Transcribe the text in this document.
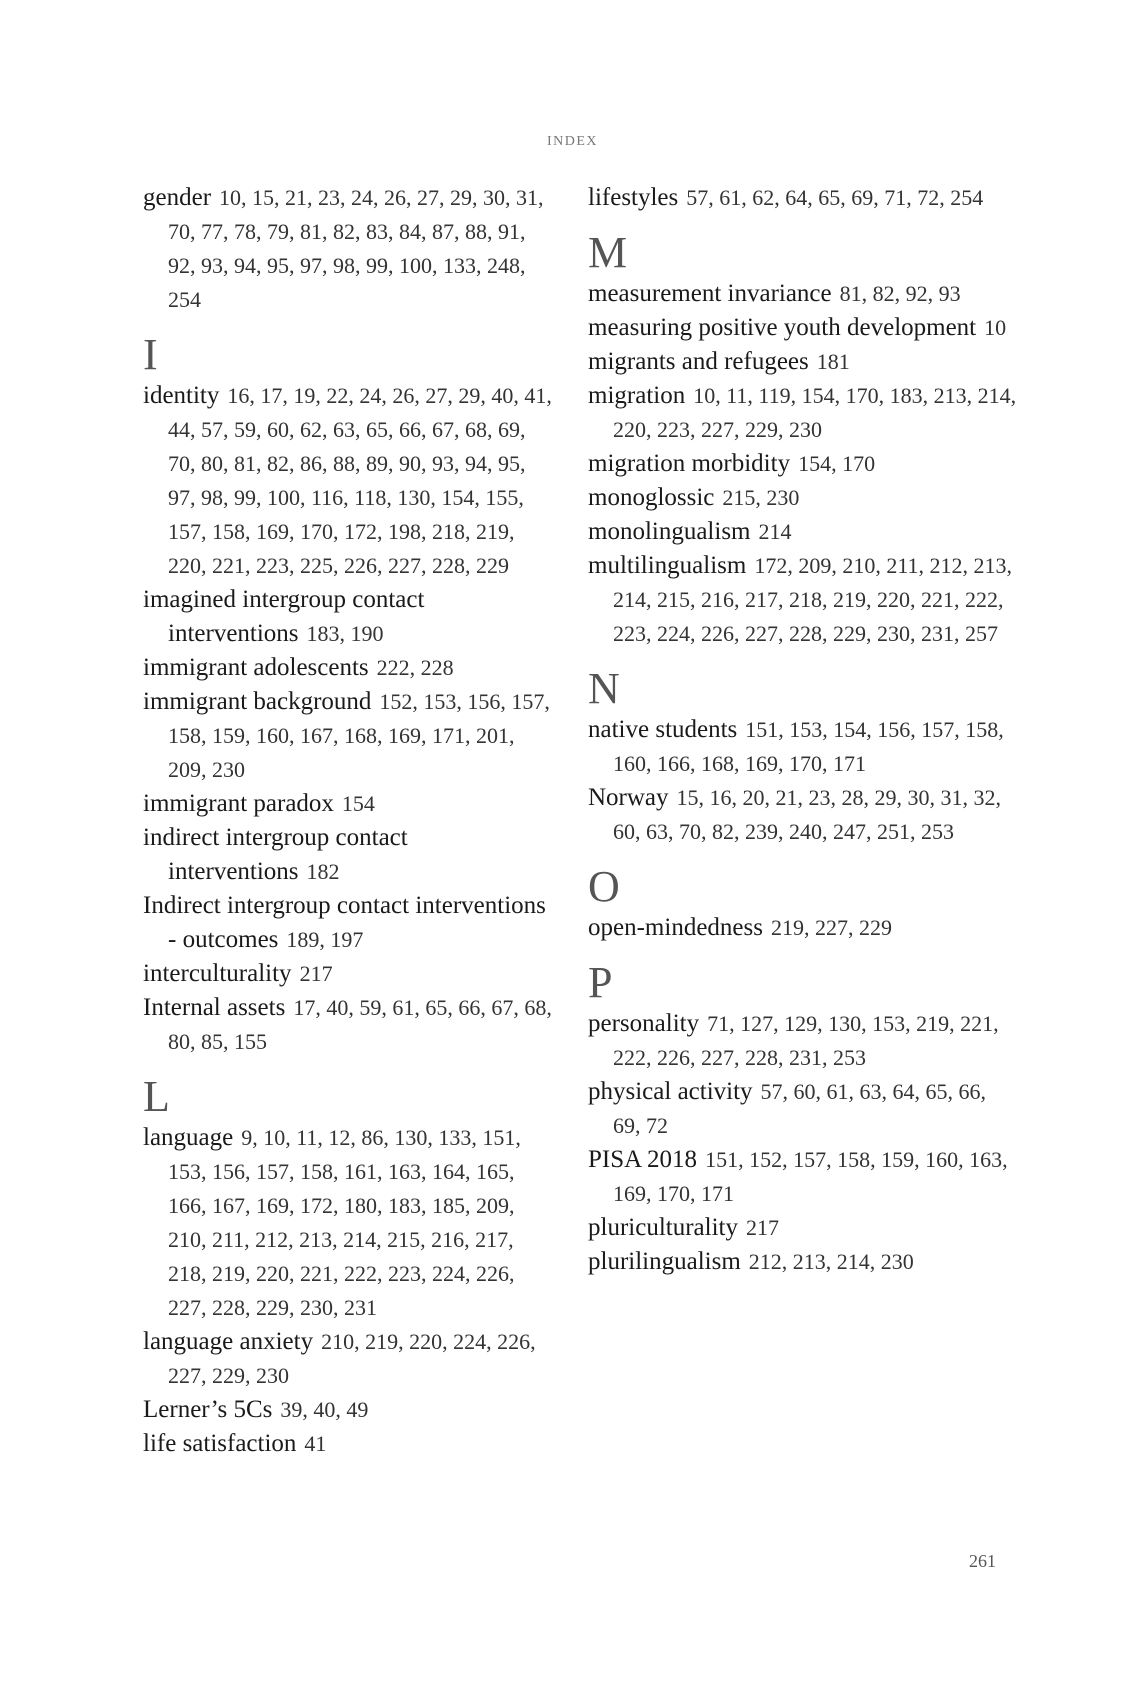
INDEX
gender 10, 15, 21, 23, 24, 26, 27, 29, 30, 31, 70, 77, 78, 79, 81, 82, 83, 84, 87, 88, 91, 92, 93, 94, 95, 97, 98, 99, 100, 133, 248, 254
I
identity 16, 17, 19, 22, 24, 26, 27, 29, 40, 41, 44, 57, 59, 60, 62, 63, 65, 66, 67, 68, 69, 70, 80, 81, 82, 86, 88, 89, 90, 93, 94, 95, 97, 98, 99, 100, 116, 118, 130, 154, 155, 157, 158, 169, 170, 172, 198, 218, 219, 220, 221, 223, 225, 226, 227, 228, 229
imagined intergroup contact interventions 183, 190
immigrant adolescents 222, 228
immigrant background 152, 153, 156, 157, 158, 159, 160, 167, 168, 169, 171, 201, 209, 230
immigrant paradox 154
indirect intergroup contact interventions 182
Indirect intergroup contact interventions - outcomes 189, 197
interculturality 217
Internal assets 17, 40, 59, 61, 65, 66, 67, 68, 80, 85, 155
L
language 9, 10, 11, 12, 86, 130, 133, 151, 153, 156, 157, 158, 161, 163, 164, 165, 166, 167, 169, 172, 180, 183, 185, 209, 210, 211, 212, 213, 214, 215, 216, 217, 218, 219, 220, 221, 222, 223, 224, 226, 227, 228, 229, 230, 231
language anxiety 210, 219, 220, 224, 226, 227, 229, 230
Lerner’s 5Cs 39, 40, 49
life satisfaction 41
lifestyles 57, 61, 62, 64, 65, 69, 71, 72, 254
M
measurement invariance 81, 82, 92, 93
measuring positive youth development 10
migrants and refugees 181
migration 10, 11, 119, 154, 170, 183, 213, 214, 220, 223, 227, 229, 230
migration morbidity 154, 170
monoglossic 215, 230
monolingualism 214
multilingualism 172, 209, 210, 211, 212, 213, 214, 215, 216, 217, 218, 219, 220, 221, 222, 223, 224, 226, 227, 228, 229, 230, 231, 257
N
native students 151, 153, 154, 156, 157, 158, 160, 166, 168, 169, 170, 171
Norway 15, 16, 20, 21, 23, 28, 29, 30, 31, 32, 60, 63, 70, 82, 239, 240, 247, 251, 253
O
open-mindedness 219, 227, 229
P
personality 71, 127, 129, 130, 153, 219, 221, 222, 226, 227, 228, 231, 253
physical activity 57, 60, 61, 63, 64, 65, 66, 69, 72
PISA 2018 151, 152, 157, 158, 159, 160, 163, 169, 170, 171
pluriculturality 217
plurilingualism 212, 213, 214, 230
261
